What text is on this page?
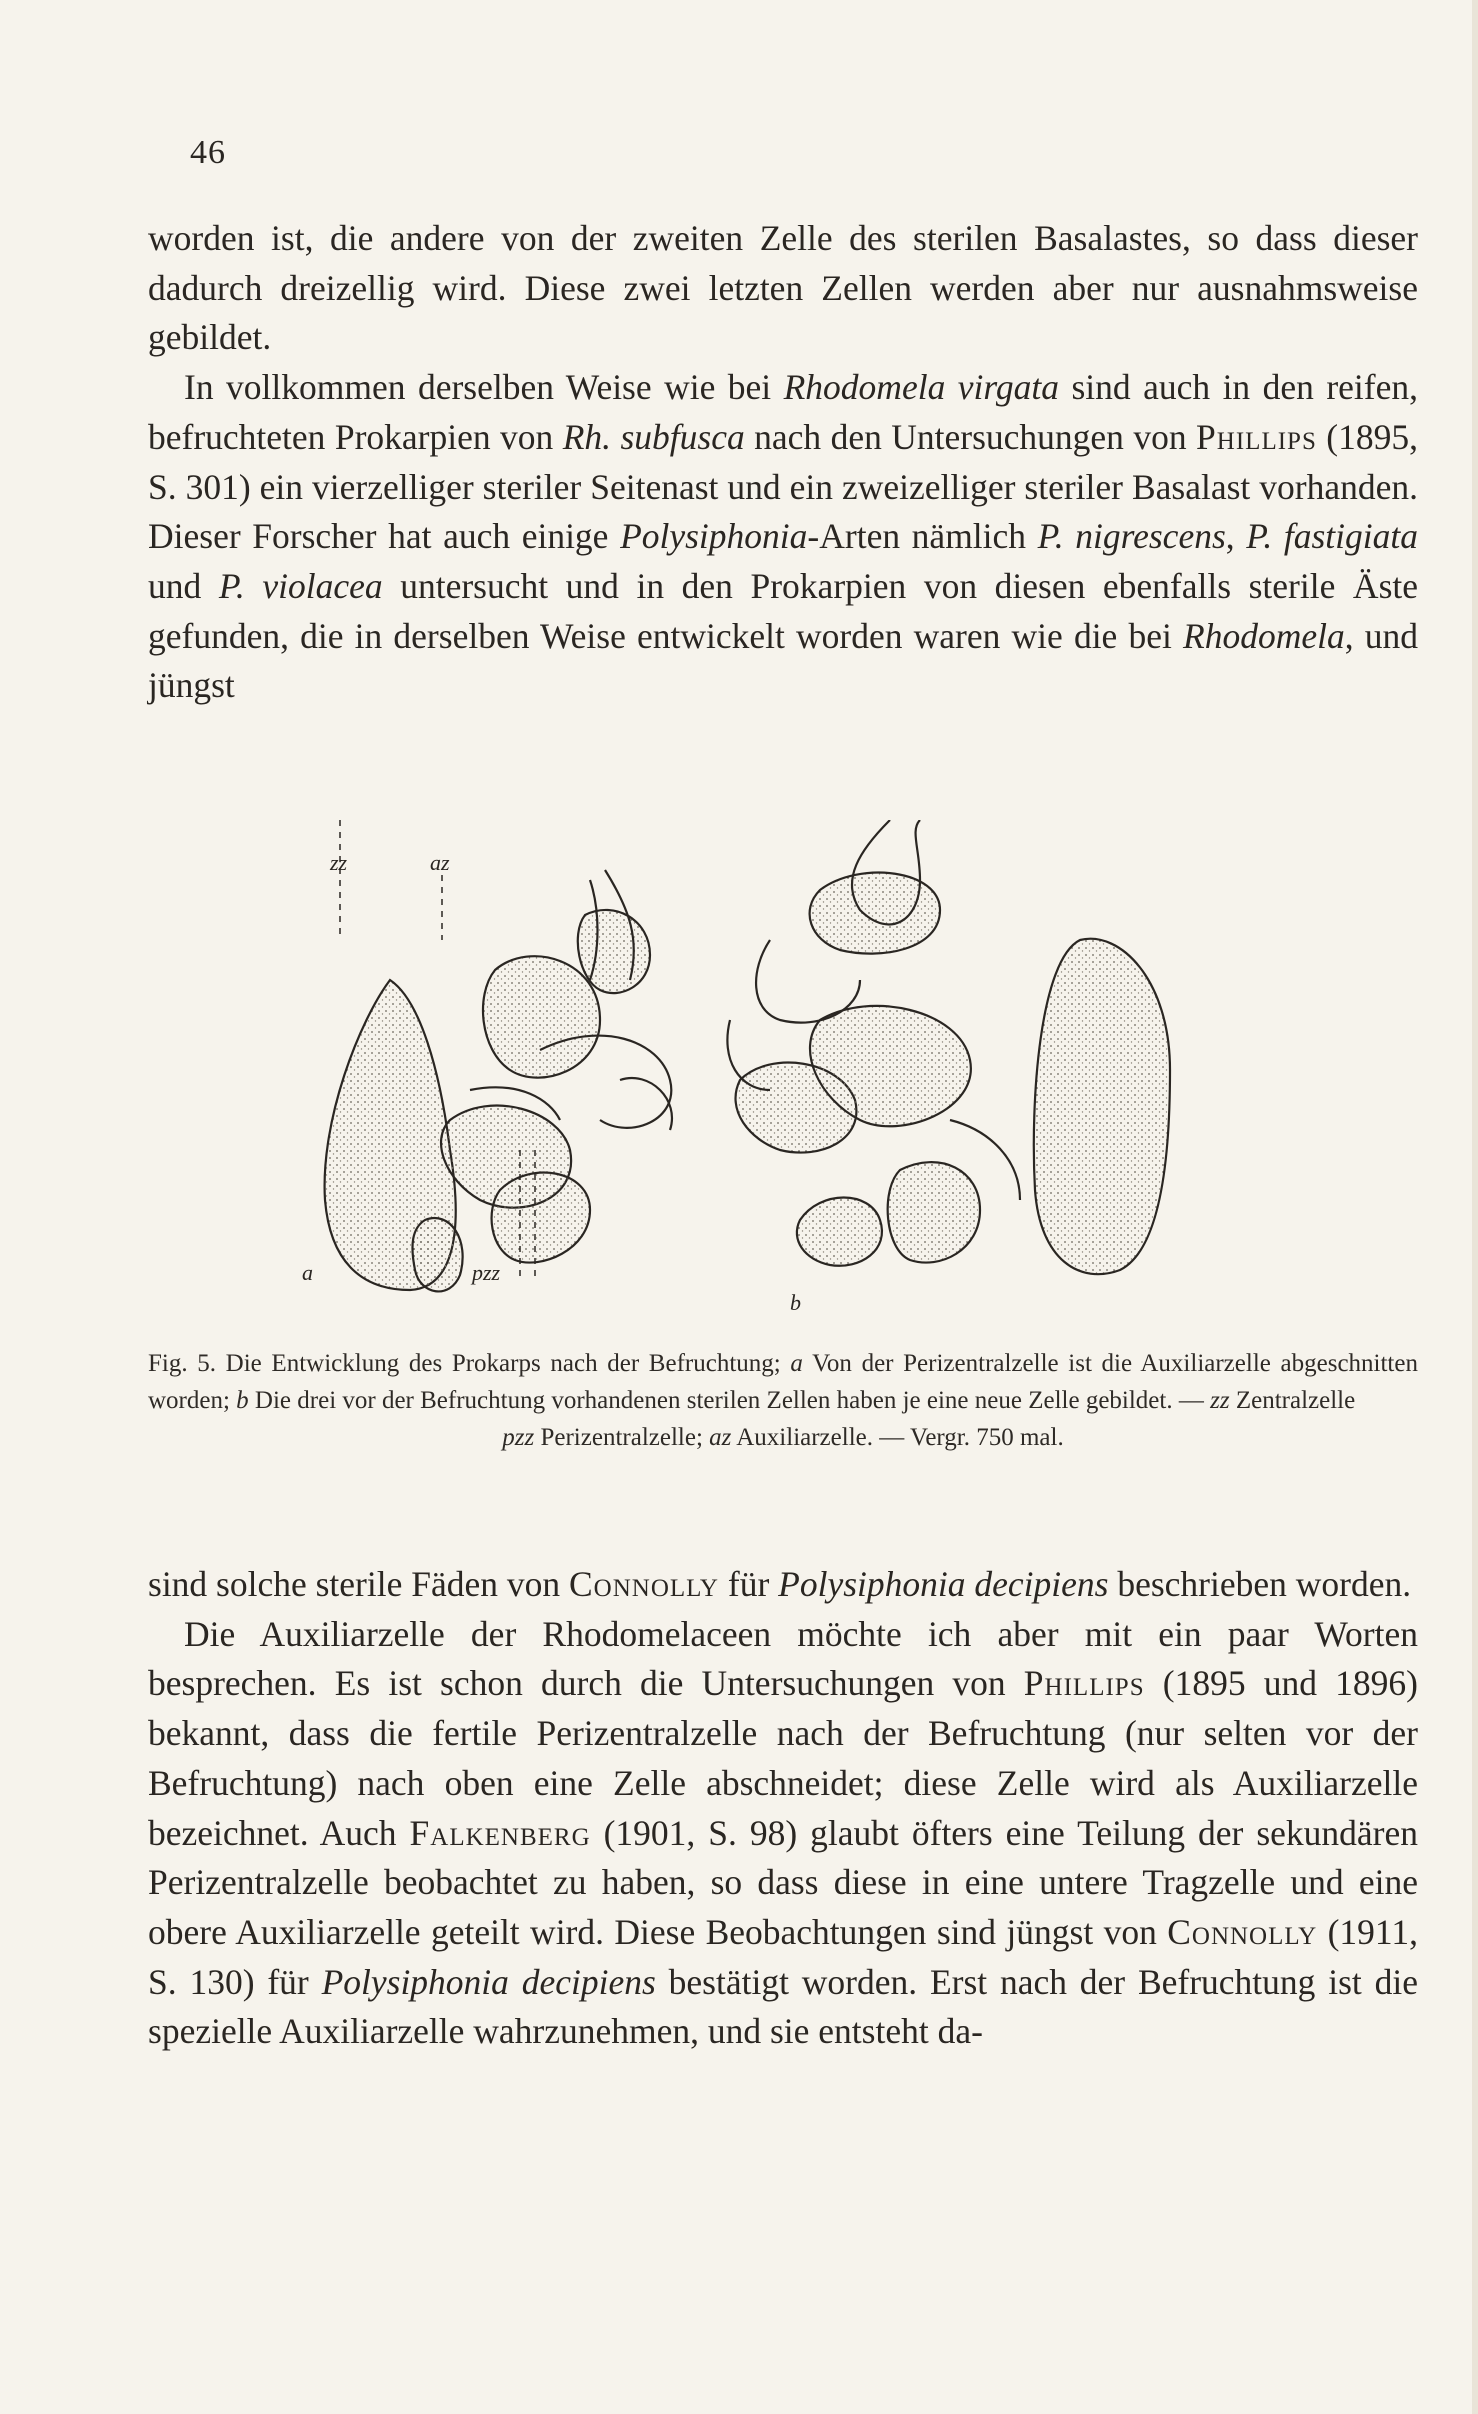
46

worden ist, die andere von der zweiten Zelle des sterilen Basalastes, so dass dieser dadurch dreizellig wird. Diese zwei letzten Zellen werden aber nur ausnahmsweise gebildet.

In vollkommen derselben Weise wie bei Rhodomela virgata sind auch in den reifen, befruchteten Prokarpien von Rh. subfusca nach den Untersuchungen von Phillips (1895, S. 301) ein vierzelliger steriler Seitenast und ein zweizelliger steriler Basalast vorhanden. Dieser Forscher hat auch einige Polysiphonia-Arten nämlich P. nigrescens, P. fastigiata und P. violacea untersucht und in den Prokarpien von diesen ebenfalls sterile Äste gefunden, die in derselben Weise entwickelt worden waren wie die bei Rhodomela, und jüngst

zz	az
a	pzz
b
Fig. 5. Die Entwicklung des Prokarps nach der Befruchtung; a Von der Perizentralzelle ist die Auxiliarzelle abgeschnitten worden; b Die drei vor der Befruchtung vorhandenen sterilen Zellen haben je eine neue Zelle gebildet. — zz Zentralzelle
pzz Perizentralzelle; az Auxiliarzelle. — Vergr. 750 mal.

sind solche sterile Fäden von Connolly für Polysiphonia decipiens beschrieben worden.

Die Auxiliarzelle der Rhodomelaceen möchte ich aber mit ein paar Worten besprechen. Es ist schon durch die Untersuchungen von Phillips (1895 und 1896) bekannt, dass die fertile Perizentralzelle nach der Befruchtung (nur selten vor der Befruchtung) nach oben eine Zelle abschneidet; diese Zelle wird als Auxiliarzelle bezeichnet. Auch Falkenberg (1901, S. 98) glaubt öfters eine Teilung der sekundären Perizentralzelle beobachtet zu haben, so dass diese in eine untere Tragzelle und eine obere Auxiliarzelle geteilt wird. Diese Beobachtungen sind jüngst von Connolly (1911, S. 130) für Polysiphonia decipiens bestätigt worden. Erst nach der Befruchtung ist die spezielle Auxiliarzelle wahrzunehmen, und sie entsteht da-
